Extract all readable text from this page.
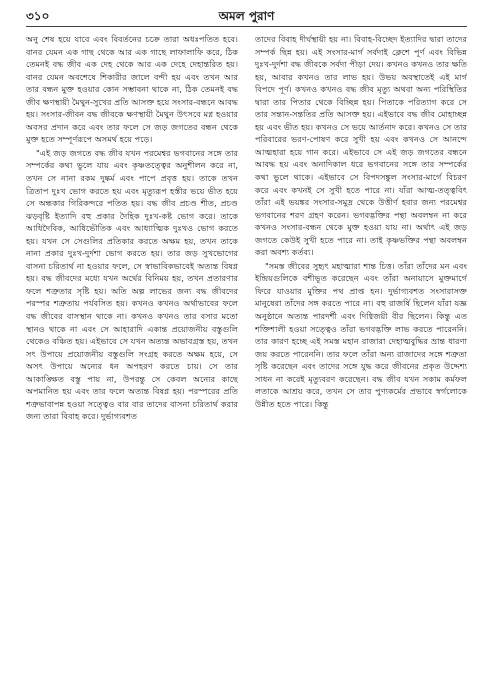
৩১০	অমল পুরাণ

অনু শেষ হয়ে যাবে এবং বিবর্তনের চক্রে তারা অধঃপতিত হবে। বানর যেমন এক গাছ থেকে আর এক গাছে লাফালাফি করে, ঠিক তেমনই বদ্ধ জীব এক দেহ থেকে আর এক দেহে দেহান্তরিত হয়। বানর যেমন অবশেষে শিকারীর জালে বন্দী হয় এবং তখন আর তার বন্ধন মুক্ত হওয়ার কোন সম্ভাবনা থাকে না, ঠিক তেমনই বদ্ধ জীব ক্ষণস্থায়ী মৈথুন-সুখের প্রতি আসক্ত হয়ে সংসার-বন্ধনে আবদ্ধ হয়। সংসার-জীবন বদ্ধ জীবকে ক্ষণস্থায়ী মৈথুন উৎসবে মগ্ন হওয়ার অবসর প্রদান করে এবং তার ফলে সে জড় জগতের বন্ধন থেকে মুক্ত হতে সম্পূর্ণরূপে অসমর্থ হয়ে পড়ে।

"এই জড় জগতে বদ্ধ জীব যখন পরমেশ্বর ভগবানের সঙ্গে তার সম্পর্কের কথা ভুলে যায় এবং কৃষ্ণতত্ত্বের অনুশীলন করে না, তখন সে নানা রকম দুষ্কর্ম এবং পাপে প্রবৃত্ত হয়। তাকে তখন ত্রিতাপ দুঃখ ভোগ করতে হয় এবং মৃত্যুরূপ হস্তীর ভয়ে ভীত হয়ে সে অন্ধকার গিরিকন্দরে পতিত হয়। বদ্ধ জীব প্রচণ্ড শীত, প্রচণ্ড ঝড়বৃষ্টি ইত্যাদি বহু প্রকার দৈহিক দুঃখ-কষ্ট ভোগ করে। তাকে আধিদৈবিক, আধিভৌতিক এবং আধ্যাত্মিক দুঃখও ভোগ করতে হয়। যখন সে সেগুলির প্রতিকার করতে অক্ষম হয়, তখন তাকে নানা প্রকার দুঃখ-দুর্দশা ভোগ করতে হয়। তার জড় সুখভোগের বাসনা চরিতার্থ না হওয়ার ফলে, সে স্বাভাবিকভাবেই অত্যন্ত বিষণ্ণ হয়। বদ্ধ জীবদের মধ্যে যখন অর্থের বিনিময় হয়, তখন প্রতারণার ফলে শত্রুতার সৃষ্টি হয়। অতি অল্প লাভের জন্য বদ্ধ জীবদের পরস্পর শত্রুতায় পর্যবসিত হয়। কখনও কখনও অর্থাভাবের ফলে বদ্ধ জীবের বাসস্থান থাকে না। কখনও কখনও তার বসার মতো স্থানও থাকে না এবং সে আহারাদি একান্ত প্রয়োজনীয় বস্তুগুলি থেকেও বঞ্চিত হয়। এইভাবে সে যখন অত্যন্ত অভাবগ্রস্ত হয়, তখন সৎ উপায়ে প্রয়োজনীয় বস্তুগুলি সংগ্রহ করতে অক্ষম হয়ে, সে অসৎ উপায়ে অন্যের ধন অপহরণ করতে চায়। সে তার আকাঙ্ক্ষিত বস্তু পায় না, উপরন্তু সে কেবল অন্যের কাছে অপমানিত হয় এবং তার ফলে অত্যন্ত বিষণ্ণ হয়। পরস্পরের প্রতি শত্রুভাবাপন্ন হওয়া সত্ত্বেও বার বার তাদের বাসনা চরিতার্থ করার জন্য তারা বিবাহ করে। দুর্ভাগ্যবশত

তাদের বিবাহ দীর্ঘস্থায়ী হয় না। বিবাহ-বিচ্ছেদ ইত্যাদির দ্বারা তাদের সম্পর্ক ছিন্ন হয়। এই সংসার-মার্গ সর্বদাই ক্লেশে পূর্ণ এবং বিভিন্ন দুঃখ-দুর্দশা বদ্ধ জীবকে সর্বদা পীড়া দেয়। কখনও কখনও তার ক্ষতি হয়, আবার কখনও তার লাভ হয়। উভয় অবস্থাতেই এই মার্গ বিপদে পূর্ণ। কখনও কখনও বদ্ধ জীব মৃত্যু অথবা অন্য পরিস্থিতির দ্বারা তার পিতার থেকে বিচ্ছিন্ন হয়। পিতাকে পরিত্যাগ করে সে তার সন্তান-সন্ততির প্রতি আসক্ত হয়। এইভাবে বদ্ধ জীব মোহাচ্ছন্ন হয় এবং ভীত হয়। কখনও সে ভয়ে আর্তনাদ করে। কখনও সে তার পরিবারের ভরণ-পোষণ করে সুখী হয় এবং কখনও সে আনন্দে আত্মহারা হয়ে গান করে। এইভাবে সে এই জড় জগতের বন্ধনে আবদ্ধ হয় এবং অনাদিকাল ধরে ভগবানের সঙ্গে তার সম্পর্কের কথা ভুলে থাকে। এইভাবে সে বিপদসঙ্কুল সংসার-মার্গে বিচরণ করে এবং কখনই সে সুখী হতে পারে না। যাঁরা আত্ম-তত্ত্ববিৎ তাঁরা এই ভয়ঙ্কর সংসার-সমুদ্র থেকে উত্তীর্ণ হবার জন্য পরমেশ্বর ভগবানের শরণ গ্রহণ করেন। ভগবদ্ভক্তির পন্থা অবলম্বন না করে কখনও সংসার-বন্ধন থেকে মুক্ত হওয়া যায় না। অর্থাৎ এই জড় জগতে কেউই সুখী হতে পারে না। তাই কৃষ্ণভক্তির পন্থা অবলম্বন করা অবশ্য কর্তব্য।

"সমস্ত জীবের সুহৃৎ মহাত্মারা শান্ত চিত্ত। তাঁরা তাঁদের মন এবং ইন্দ্রিয়গুলিকে বশীভূত করেছেন এবং তাঁরা অনায়াসে মুক্তমার্গে ফিরে যাওয়ার মুক্তির পথ প্রাপ্ত হন। দুর্ভাগ্যবশত সংসারাসক্ত মানুষেরা তাঁদের সঙ্গ করতে পারে না। বহু রাজর্ষি ছিলেন যাঁরা যজ্ঞ অনুষ্ঠানে অত্যন্ত পারদর্শী এবং দিগ্বিজয়ী বীর ছিলেন। কিন্তু এত শক্তিশালী হওয়া সত্ত্বেও তাঁরা ভগবদ্ভক্তি লাভ করতে পারেননি। তার কারণ হচ্ছে এই সমস্ত মহান রাজারা দেহাত্মবুদ্ধির ভ্রান্ত ধারণা জয় করতে পারেননি। তার ফলে তাঁরা অন্য রাজাদের সঙ্গে শত্রুতা সৃষ্টি করেছেন এবং তাদের সঙ্গে যুদ্ধ করে জীবনের প্রকৃত উদ্দেশ্য সাধন না করেই মৃত্যুবরণ করেছেন। বদ্ধ জীব যখন সকাম কর্মফল লতাকে আশ্রয় করে, তখন সে তার পুণ্যকর্মের প্রভাবে স্বর্গলোকে উন্নীত হতে পারে। কিন্তু
